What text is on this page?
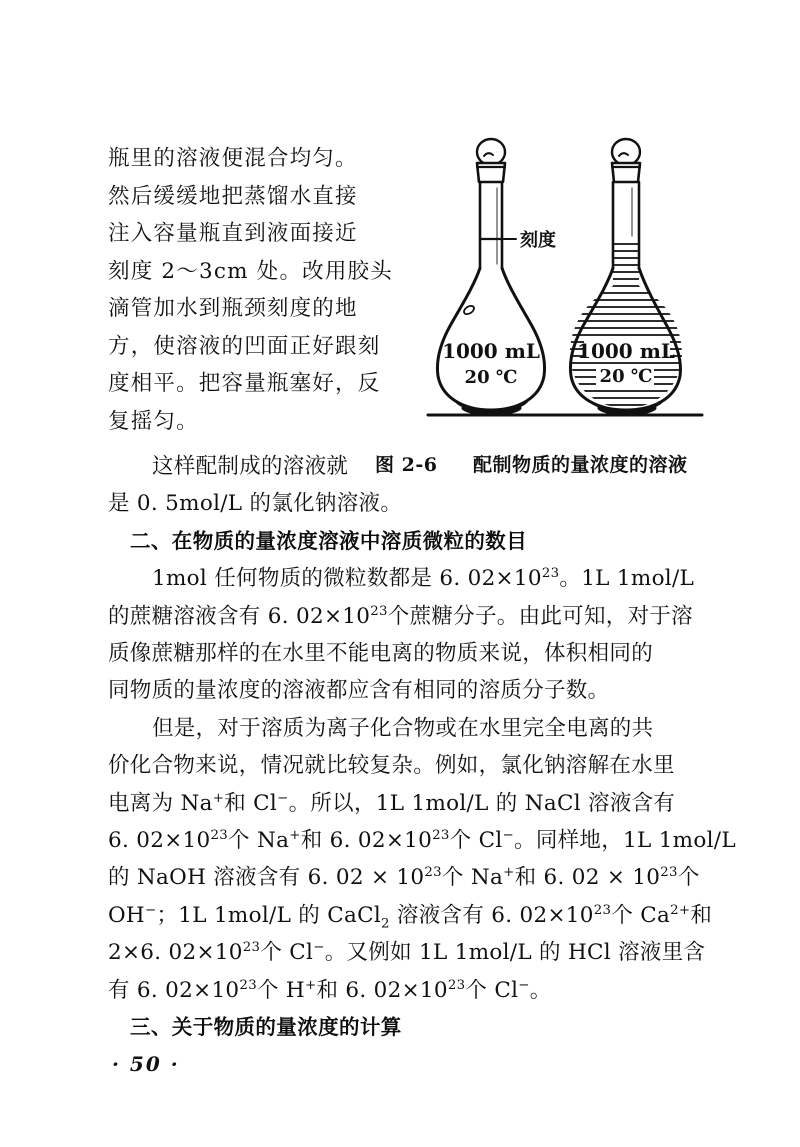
瓶里的溶液便混合均匀。
然后缓缓地把蒸馏水直接
注入容量瓶直到液面接近
刻度 2～3cm 处。改用胶头
滴管加水到瓶颈刻度的地
方，使溶液的凹面正好跟刻
度相平。把容量瓶塞好，反
复摇匀。
1000 mL
20 ℃
刻度
1000 mL
20 ℃
图 2-6 配制物质的量浓度的溶液
这样配制成的溶液就
是 0. 5mol/L 的氯化钠溶液。
二、在物质的量浓度溶液中溶质微粒的数目
1mol 任何物质的微粒数都是 6. $02\times 10^{23}$。1L 1mol/L
的蔗糖溶液含有 6. $02\times 10^{23}$个蔗糖分子。由此可知，对于溶
质像蔗糖那样的在水里不能电离的物质来说，体积相同的
同物质的量浓度的溶液都应含有相同的溶质分子数。
但是，对于溶质为离子化合物或在水里完全电离的共
价化合物来说，情况就比较复杂。例如，氯化钠溶解在水里
电离为 Na+和 Cl−。所以，1L 1mol/L 的 NaCl 溶液含有
6. $02\times 10^{23}$个 Na+和 6. $02\times 10^{23}$个 Cl−。同样地，1L 1mol/L
的 NaOH 溶液含有 6. $02 \times 10^{23}$个 Na+和 6. $02 \times 10^{23}$个
OH−；1L 1mol/L 的 CaCl$_2$ 溶液含有 6. $02\times 10^{23}$个 $Ca^{2+}$和
2×6. $02\times 10^{23}$个 Cl−。又例如 1L 1mol/L 的 HCl 溶液里含
有 6. $02\times 10^{23}$个 H+和 6. $02\times 10^{23}$个 Cl−。
三、关于物质的量浓度的计算
· 50 ·
